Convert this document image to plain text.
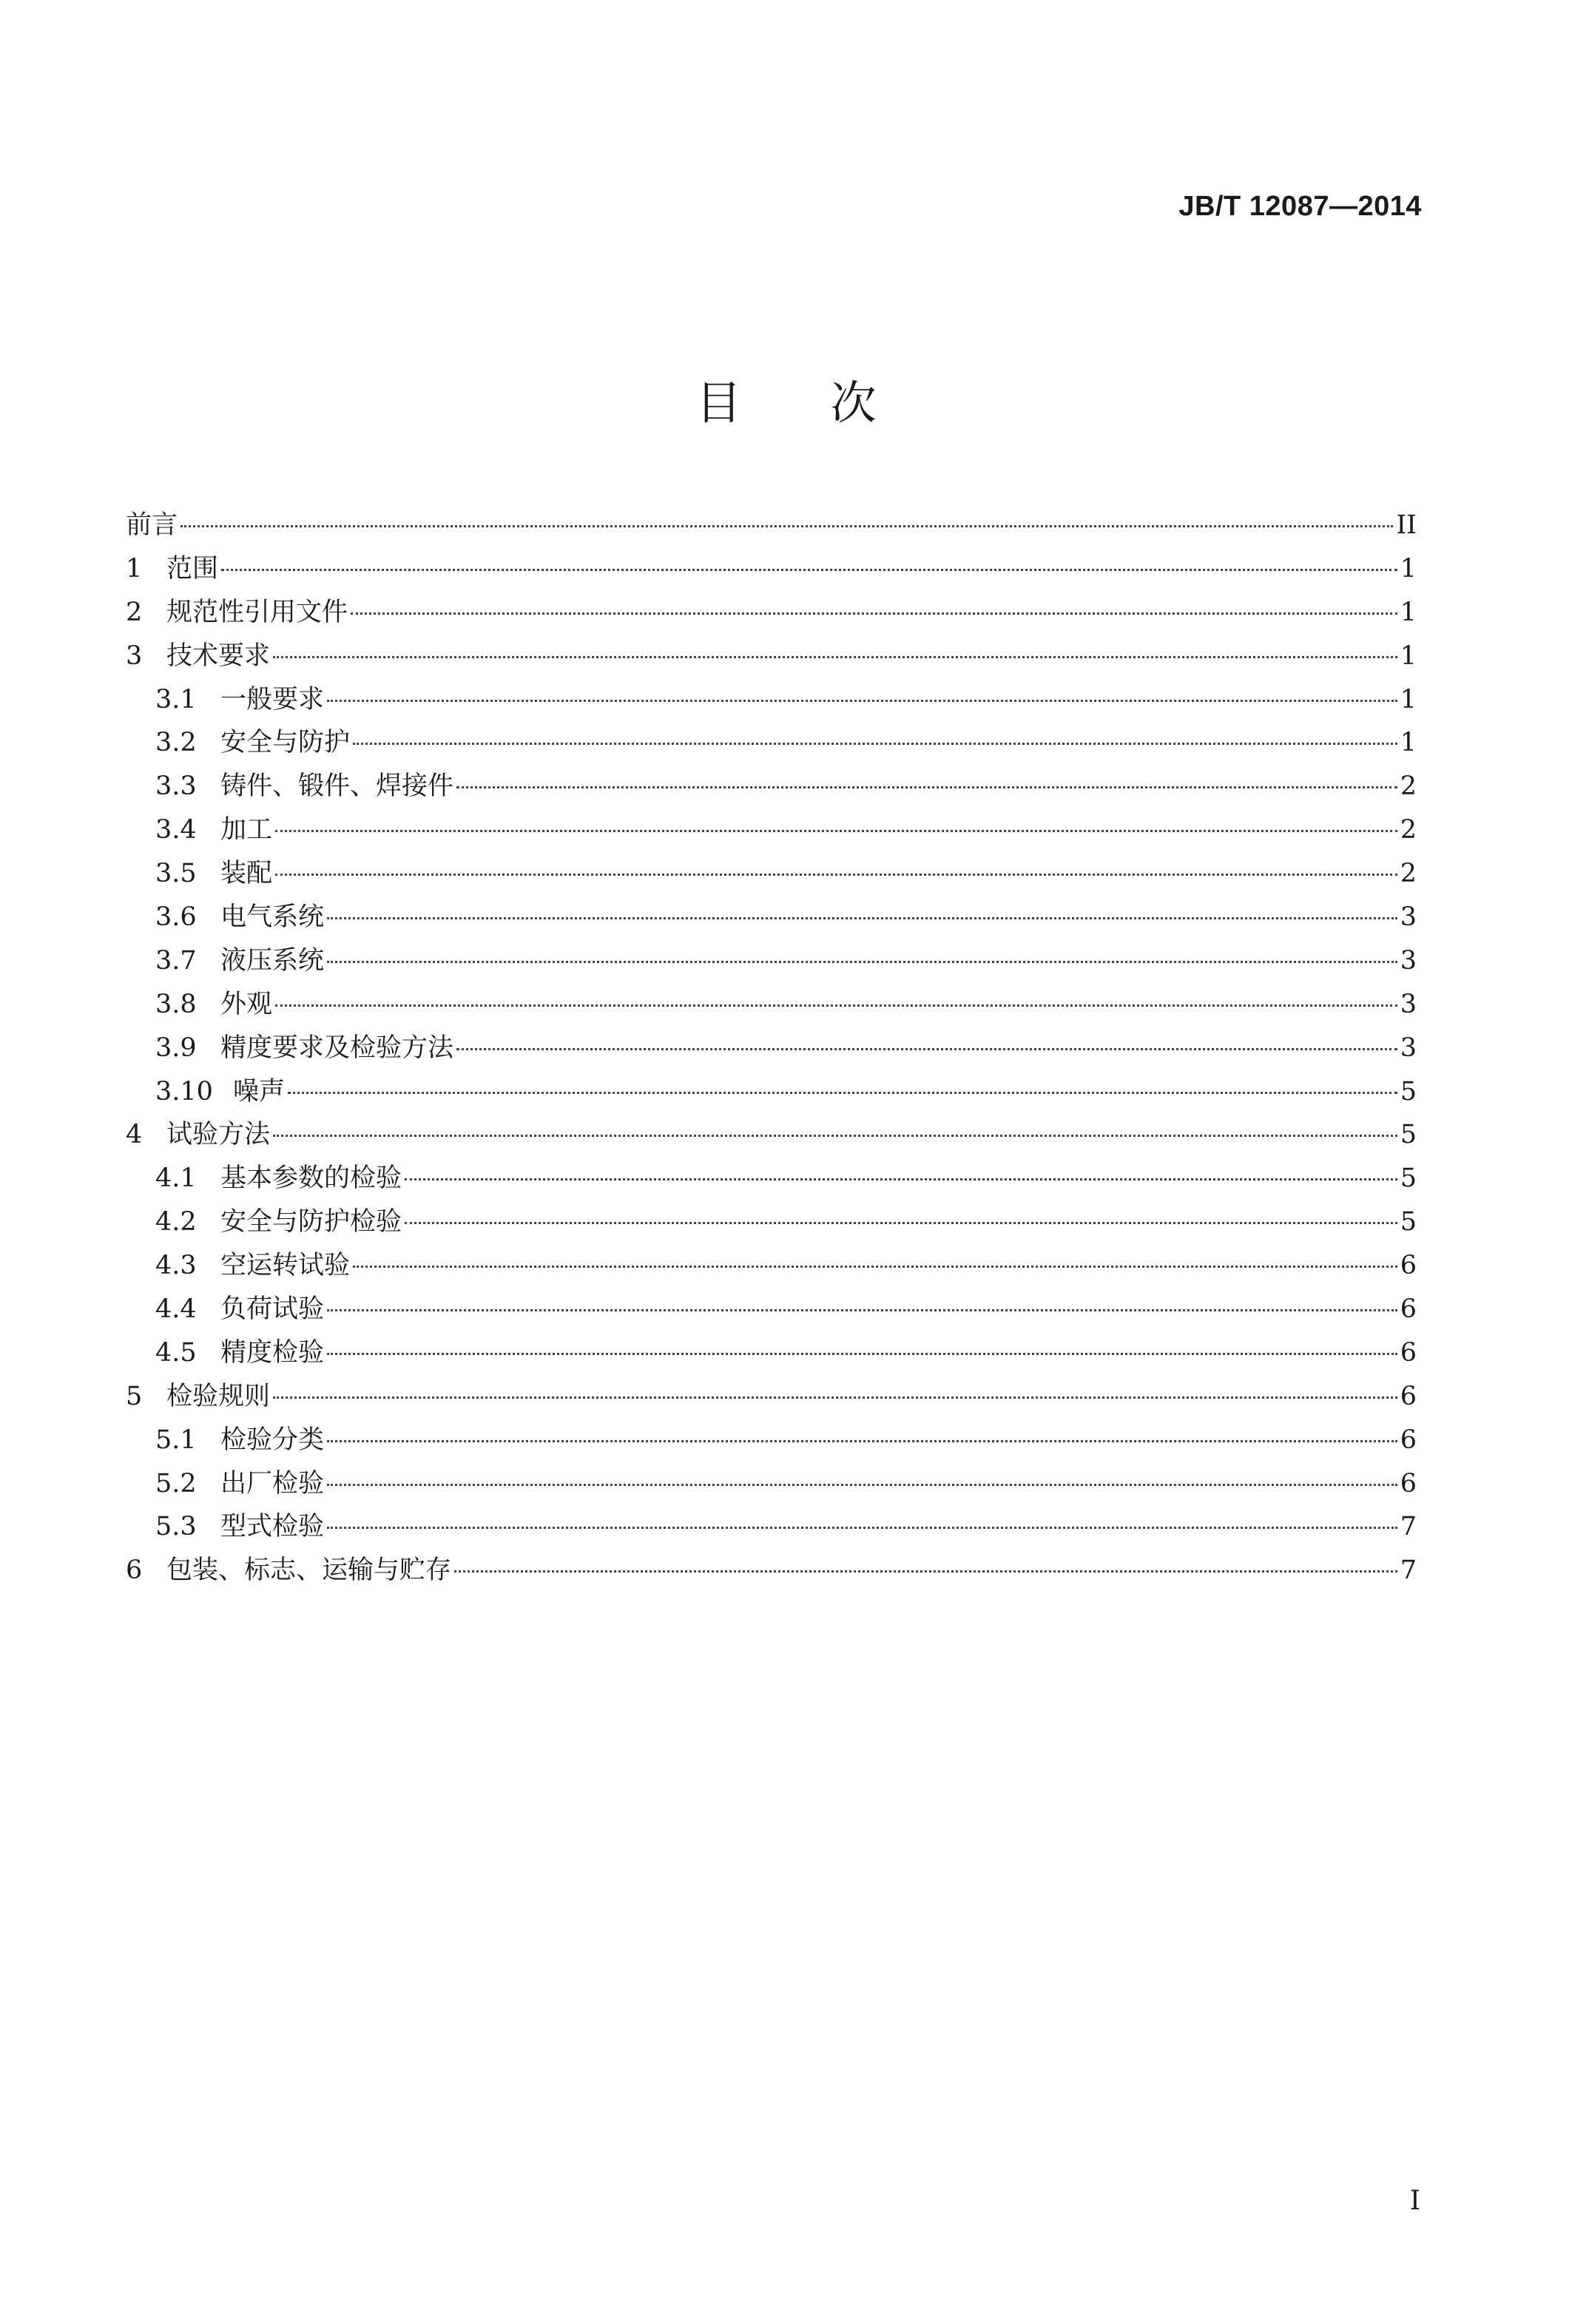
JB/T 12087—2014
目次
前言	II
1 范围	1
2 规范性引用文件	1
3 技术要求	1
3.1 一般要求	1
3.2 安全与防护	1
3.3 铸件、锻件、焊接件	2
3.4 加工	2
3.5 装配	2
3.6 电气系统	3
3.7 液压系统	3
3.8 外观	3
3.9 精度要求及检验方法	3
3.10 噪声	5
4 试验方法	5
4.1 基本参数的检验	5
4.2 安全与防护检验	5
4.3 空运转试验	6
4.4 负荷试验	6
4.5 精度检验	6
5 检验规则	6
5.1 检验分类	6
5.2 出厂检验	6
5.3 型式检验	7
6 包装、标志、运输与贮存	7
I
